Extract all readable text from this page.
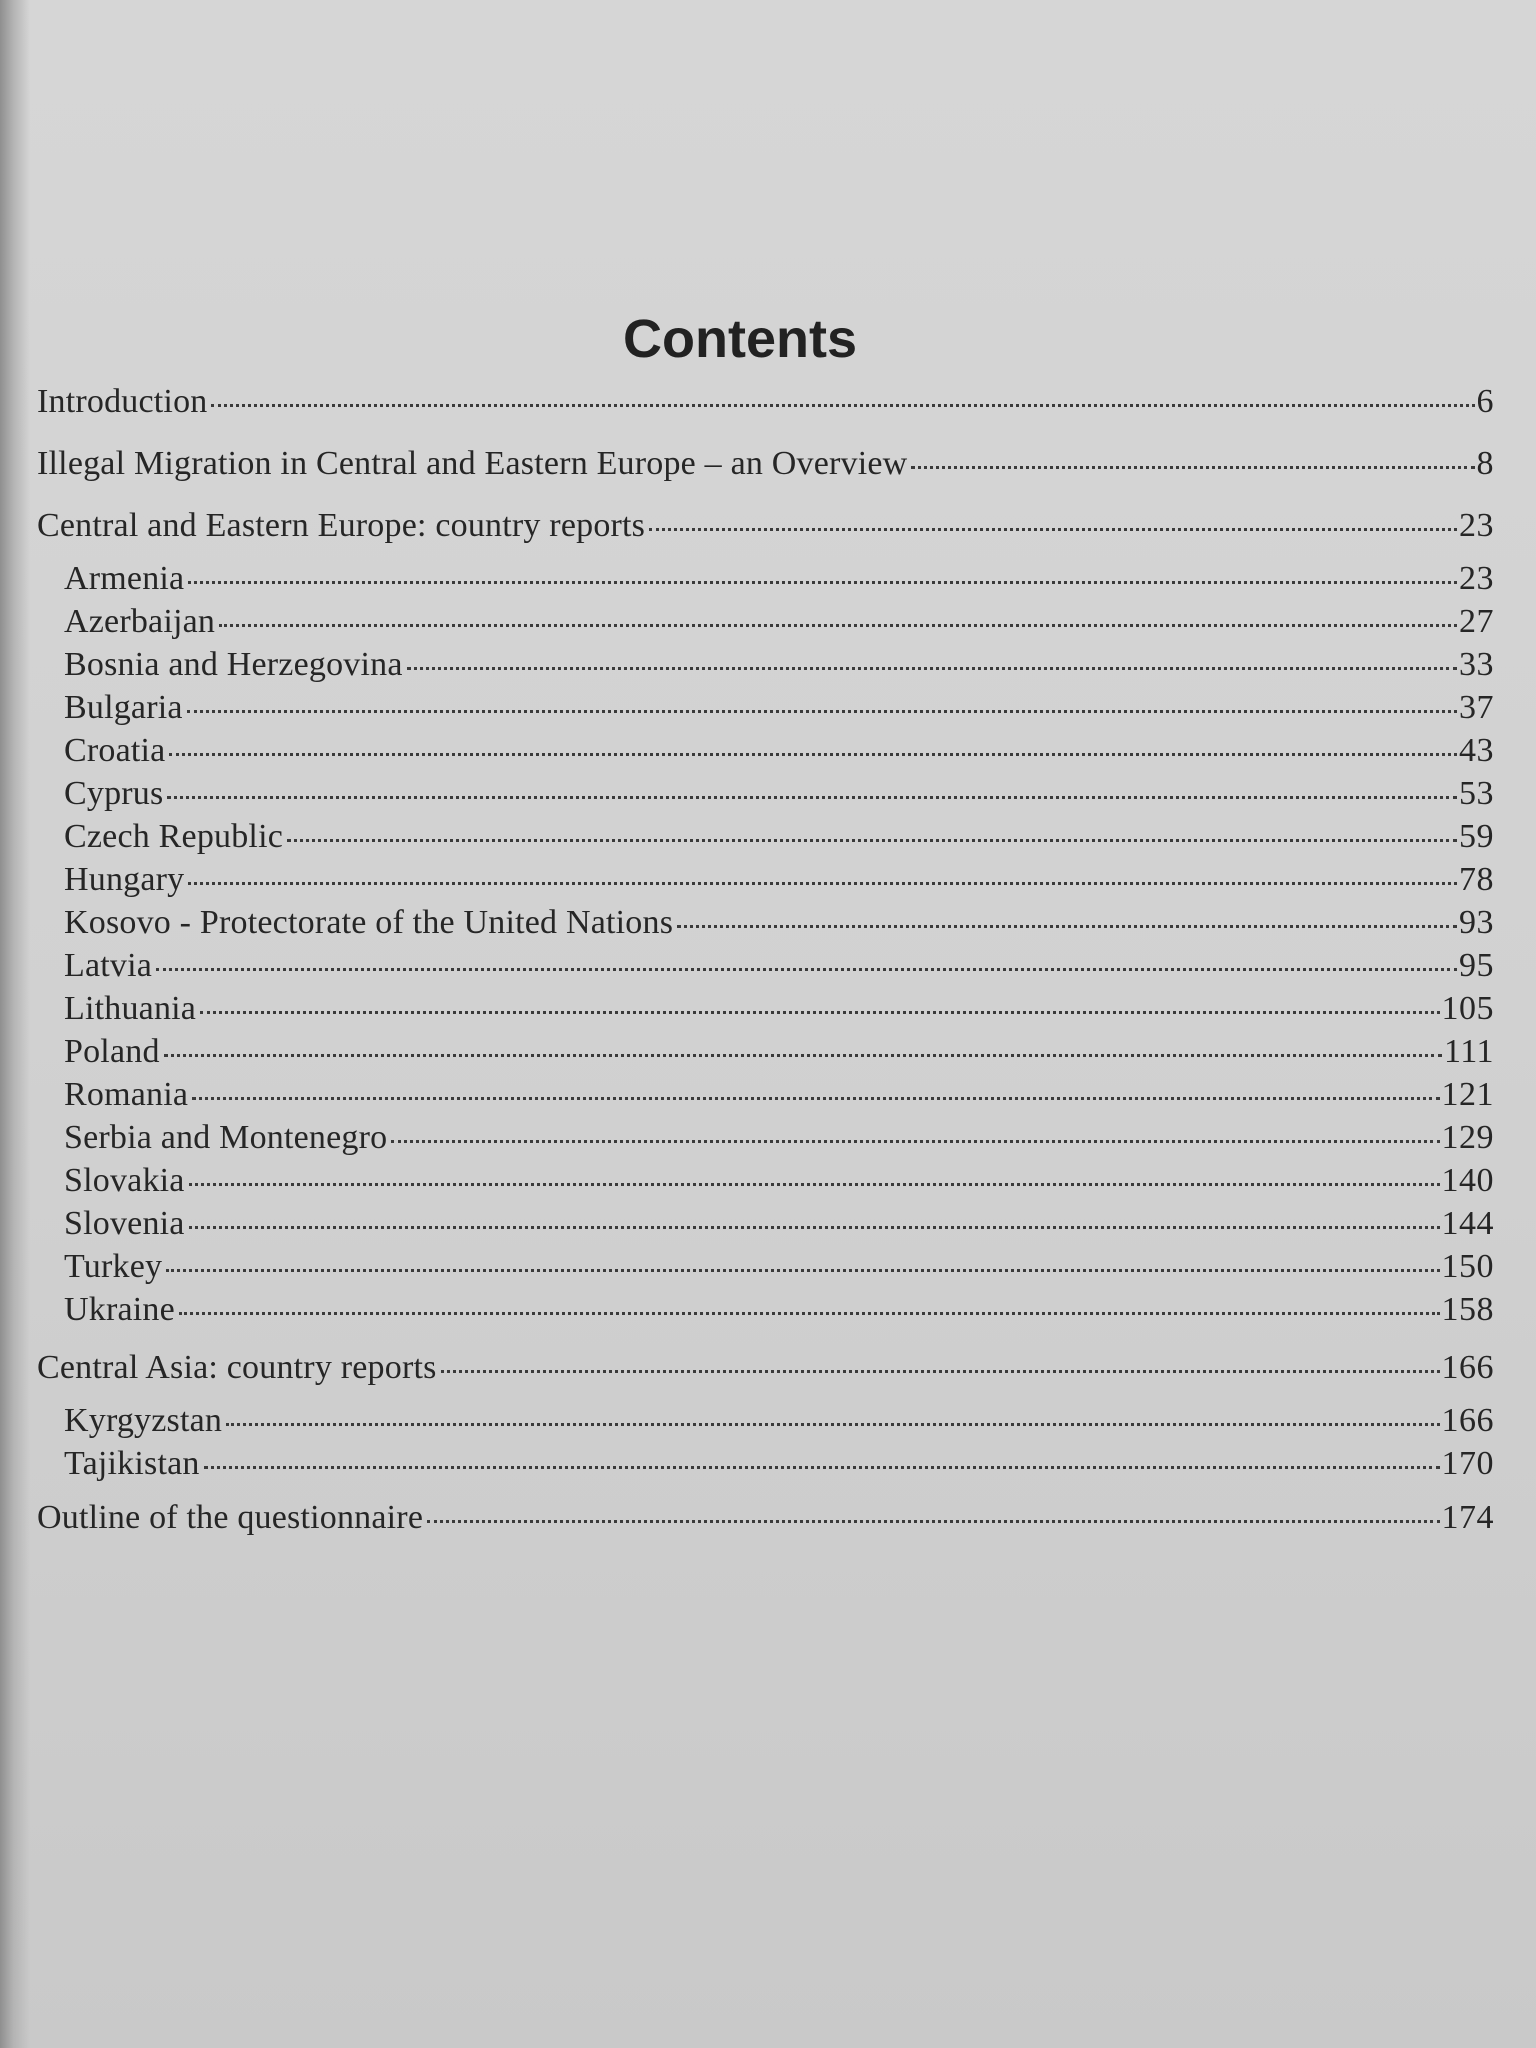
Contents
Introduction	6
Illegal Migration in Central and Eastern Europe – an Overview	8
Central and Eastern Europe: country reports	23
Armenia	23
Azerbaijan	27
Bosnia and Herzegovina	33
Bulgaria	37
Croatia	43
Cyprus	53
Czech Republic	59
Hungary	78
Kosovo - Protectorate of the United Nations	93
Latvia	95
Lithuania	105
Poland	111
Romania	121
Serbia and Montenegro	129
Slovakia	140
Slovenia	144
Turkey	150
Ukraine	158
Central Asia: country reports	166
Kyrgyzstan	166
Tajikistan	170
Outline of the questionnaire	174
